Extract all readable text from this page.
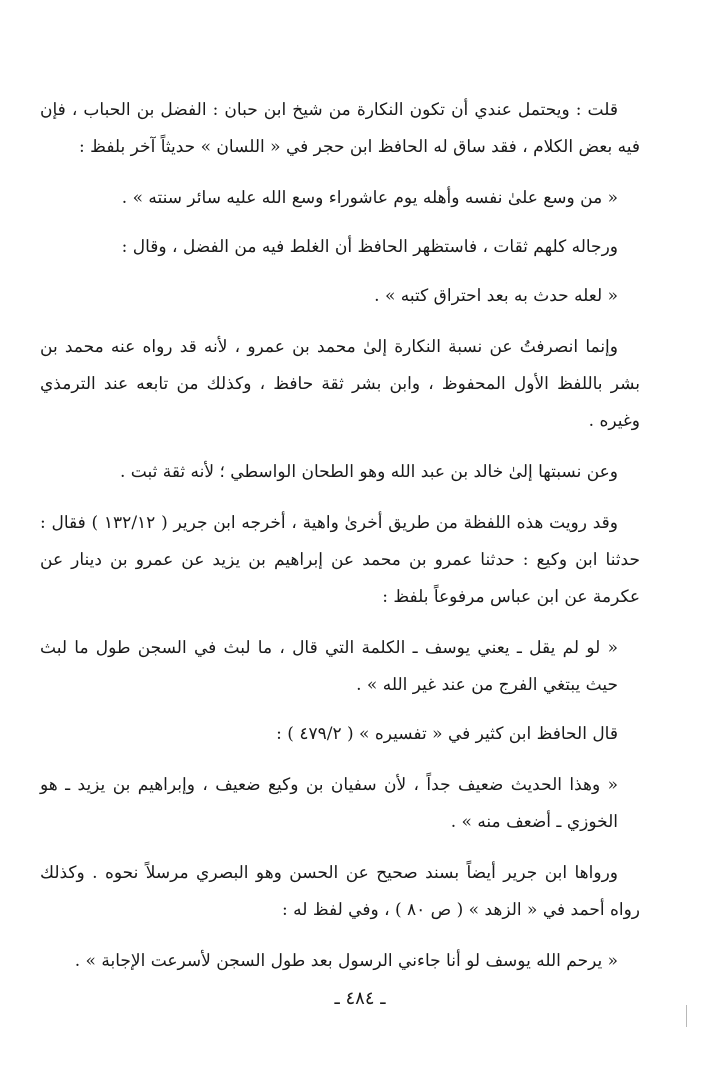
قلت : ويحتمل عندي أن تكون النكارة من شيخ ابن حبان : الفضل بن الحباب ، فإن فيه بعض الكلام ، فقد ساق له الحافظ ابن حجر في « اللسان » حديثاً آخر بلفظ :

« من وسع علىٰ نفسه وأهله يوم عاشوراء وسع الله عليه سائر سنته » .

ورجاله كلهم ثقات ، فاستظهر الحافظ أن الغلط فيه من الفضل ، وقال :

« لعله حدث به بعد احتراق كتبه » .

وإنما انصرفتُ عن نسبة النكارة إلىٰ محمد بن عمرو ، لأنه قد رواه عنه محمد بن بشر باللفظ الأول المحفوظ ، وابن بشر ثقة حافظ ، وكذلك من تابعه عند الترمذي وغيره .

وعن نسبتها إلىٰ خالد بن عبد الله وهو الطحان الواسطي ؛ لأنه ثقة ثبت .

وقد رويت هذه اللفظة من طريق أخرىٰ واهية ، أخرجه ابن جرير ( ١٣٢/١٢ ) فقال : حدثنا ابن وكيع : حدثنا عمرو بن محمد عن إبراهيم بن يزيد عن عمرو بن دينار عن عكرمة عن ابن عباس مرفوعاً بلفظ :

« لو لم يقل ـ يعني يوسف ـ الكلمة التي قال ، ما لبث في السجن طول ما لبث حيث يبتغي الفرج من عند غير الله » .

قال الحافظ ابن كثير في « تفسيره » ( ٤٧٩/٢ ) :

« وهذا الحديث ضعيف جداً ، لأن سفيان بن وكيع ضعيف ، وإبراهيم بن يزيد ـ هو الخوزي ـ أضعف منه » .

ورواها ابن جرير أيضاً بسند صحيح عن الحسن وهو البصري مرسلاً نحوه . وكذلك رواه أحمد في « الزهد » ( ص ٨٠ ) ، وفي لفظ له :

« يرحم الله يوسف لو أنا جاءني الرسول بعد طول السجن لأسرعت الإجابة » .

ـ ٤٨٤ ـ
